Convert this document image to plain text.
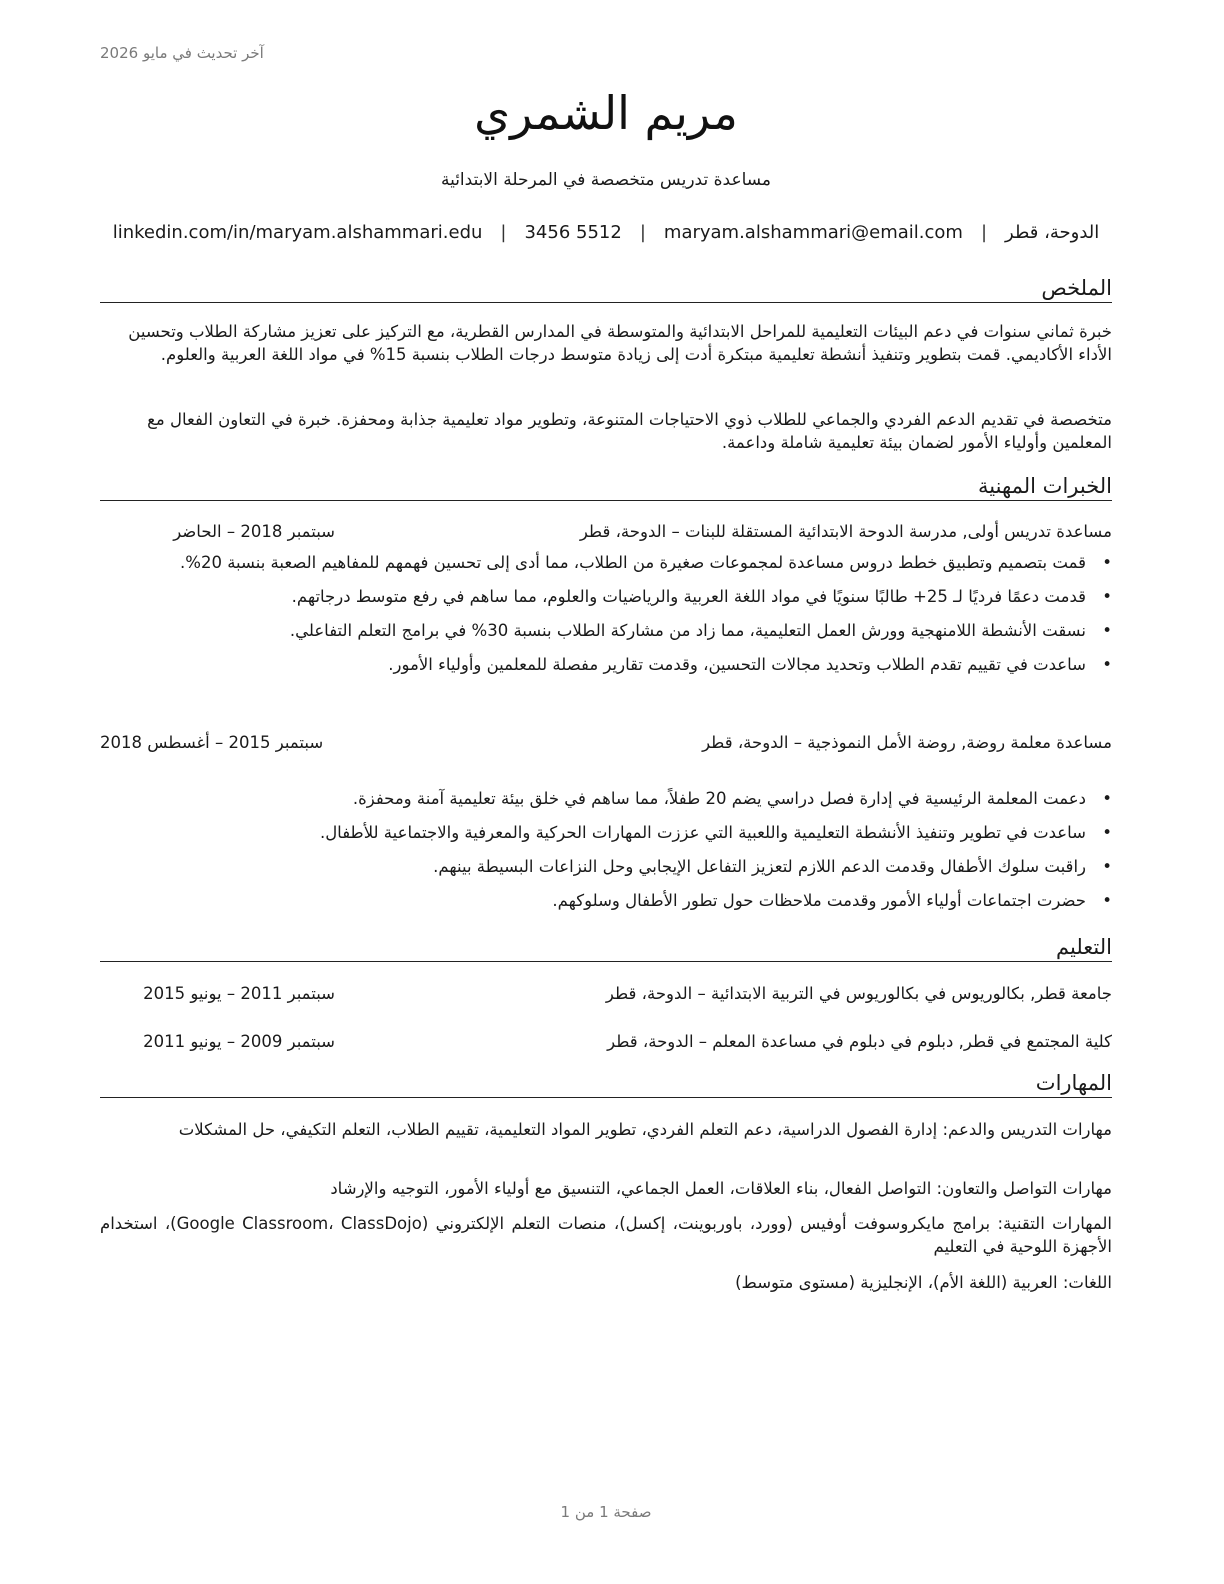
آخر تحديث في مايو 2026
مريم الشمري
مساعدة تدريس متخصصة في المرحلة الابتدائية
الدوحة، قطر
|
maryam.alshammari@email.com
|
3456 5512
|
linkedin.com/in/maryam.alshammari.edu
الملخص

خبرة ثماني سنوات في دعم البيئات التعليمية للمراحل الابتدائية والمتوسطة في المدارس القطرية، مع التركيز على تعزيز مشاركة الطلاب وتحسين الأداء الأكاديمي. قمت بتطوير وتنفيذ أنشطة تعليمية مبتكرة أدت إلى زيادة متوسط درجات الطلاب بنسبة 15% في مواد اللغة العربية والعلوم.

متخصصة في تقديم الدعم الفردي والجماعي للطلاب ذوي الاحتياجات المتنوعة، وتطوير مواد تعليمية جذابة ومحفزة. خبرة في التعاون الفعال مع المعلمين وأولياء الأمور لضمان بيئة تعليمية شاملة وداعمة.

الخبرات المهنية
مساعدة تدريس أولى, مدرسة الدوحة الابتدائية المستقلة للبنات – الدوحة، قطر
سبتمبر 2018 – الحاضر
• قمت بتصميم وتطبيق خطط دروس مساعدة لمجموعات صغيرة من الطلاب، مما أدى إلى تحسين فهمهم للمفاهيم الصعبة بنسبة 20%.
• قدمت دعمًا فرديًا لـ 25+ طالبًا سنويًا في مواد اللغة العربية والرياضيات والعلوم، مما ساهم في رفع متوسط درجاتهم.
• نسقت الأنشطة اللامنهجية وورش العمل التعليمية، مما زاد من مشاركة الطلاب بنسبة 30% في برامج التعلم التفاعلي.
• ساعدت في تقييم تقدم الطلاب وتحديد مجالات التحسين، وقدمت تقارير مفصلة للمعلمين وأولياء الأمور.
مساعدة معلمة روضة, روضة الأمل النموذجية – الدوحة، قطر
سبتمبر 2015 – أغسطس 2018
• دعمت المعلمة الرئيسية في إدارة فصل دراسي يضم 20 طفلاً، مما ساهم في خلق بيئة تعليمية آمنة ومحفزة.
• ساعدت في تطوير وتنفيذ الأنشطة التعليمية واللعبية التي عززت المهارات الحركية والمعرفية والاجتماعية للأطفال.
• راقبت سلوك الأطفال وقدمت الدعم اللازم لتعزيز التفاعل الإيجابي وحل النزاعات البسيطة بينهم.
• حضرت اجتماعات أولياء الأمور وقدمت ملاحظات حول تطور الأطفال وسلوكهم.
التعليم
جامعة قطر, بكالوريوس في بكالوريوس في التربية الابتدائية – الدوحة، قطر
سبتمبر 2011 – يونيو 2015
كلية المجتمع في قطر, دبلوم في دبلوم في مساعدة المعلم – الدوحة، قطر
سبتمبر 2009 – يونيو 2011
المهارات
مهارات التدريس والدعم: إدارة الفصول الدراسية، دعم التعلم الفردي، تطوير المواد التعليمية، تقييم الطلاب، التعلم التكيفي، حل المشكلات
مهارات التواصل والتعاون: التواصل الفعال، بناء العلاقات، العمل الجماعي، التنسيق مع أولياء الأمور، التوجيه والإرشاد
المهارات التقنية: برامج مايكروسوفت أوفيس (وورد، باوربوينت، إكسل)، منصات التعلم الإلكتروني (Google Classroom، ClassDojo)، استخدام الأجهزة اللوحية في التعليم
اللغات: العربية (اللغة الأم)، الإنجليزية (مستوى متوسط)
صفحة 1 من 1
